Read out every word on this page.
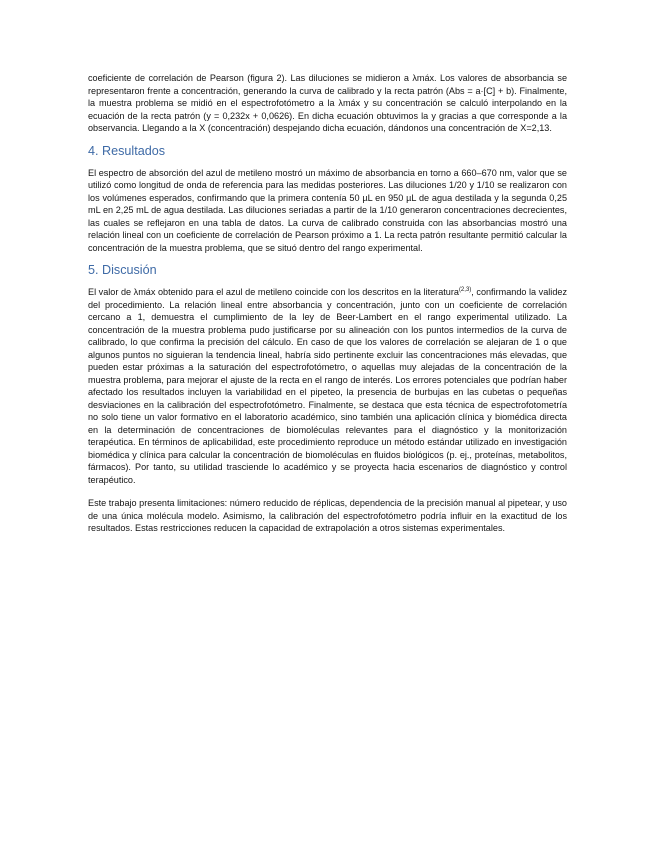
coeficiente de correlación de Pearson (figura 2). Las diluciones se midieron a λmáx. Los valores de absorbancia se representaron frente a concentración, generando la curva de calibrado y la recta patrón (Abs = a·[C] + b). Finalmente, la muestra problema se midió en el espectrofotómetro a la λmáx y su concentración se calculó interpolando en la ecuación de la recta patrón (y = 0,232x + 0,0626). En dicha ecuación obtuvimos la y gracias a que corresponde a la observancia. Llegando a la X (concentración) despejando dicha ecuación, dándonos una concentración de X=2,13.

4. Resultados

El espectro de absorción del azul de metileno mostró un máximo de absorbancia en torno a 660–670 nm, valor que se utilizó como longitud de onda de referencia para las medidas posteriores. Las diluciones 1/20 y 1/10 se realizaron con los volúmenes esperados, confirmando que la primera contenía 50 µL en 950 µL de agua destilada y la segunda 0,25 mL en 2,25 mL de agua destilada. Las diluciones seriadas a partir de la 1/10 generaron concentraciones decrecientes, las cuales se reflejaron en una tabla de datos. La curva de calibrado construida con las absorbancias mostró una relación lineal con un coeficiente de correlación de Pearson próximo a 1. La recta patrón resultante permitió calcular la concentración de la muestra problema, que se situó dentro del rango experimental.

5. Discusión

El valor de λmáx obtenido para el azul de metileno coincide con los descritos en la literatura$^{(2,3)}$, confirmando la validez del procedimiento. La relación lineal entre absorbancia y concentración, junto con un coeficiente de correlación cercano a 1, demuestra el cumplimiento de la ley de Beer-Lambert en el rango experimental utilizado. La concentración de la muestra problema pudo justificarse por su alineación con los puntos intermedios de la curva de calibrado, lo que confirma la precisión del cálculo. En caso de que los valores de correlación se alejaran de 1 o que algunos puntos no siguieran la tendencia lineal, habría sido pertinente excluir las concentraciones más elevadas, que pueden estar próximas a la saturación del espectrofotómetro, o aquellas muy alejadas de la concentración de la muestra problema, para mejorar el ajuste de la recta en el rango de interés. Los errores potenciales que podrían haber afectado los resultados incluyen la variabilidad en el pipeteo, la presencia de burbujas en las cubetas o pequeñas desviaciones en la calibración del espectrofotómetro. Finalmente, se destaca que esta técnica de espectrofotometría no solo tiene un valor formativo en el laboratorio académico, sino también una aplicación clínica y biomédica directa en la determinación de concentraciones de biomoléculas relevantes para el diagnóstico y la monitorización terapéutica. En términos de aplicabilidad, este procedimiento reproduce un método estándar utilizado en investigación biomédica y clínica para calcular la concentración de biomoléculas en fluidos biológicos (p. ej., proteínas, metabolitos, fármacos). Por tanto, su utilidad trasciende lo académico y se proyecta hacia escenarios de diagnóstico y control terapéutico.

Este trabajo presenta limitaciones: número reducido de réplicas, dependencia de la precisión manual al pipetear, y uso de una única molécula modelo. Asimismo, la calibración del espectrofotómetro podría influir en la exactitud de los resultados. Estas restricciones reducen la capacidad de extrapolación a otros sistemas experimentales.
